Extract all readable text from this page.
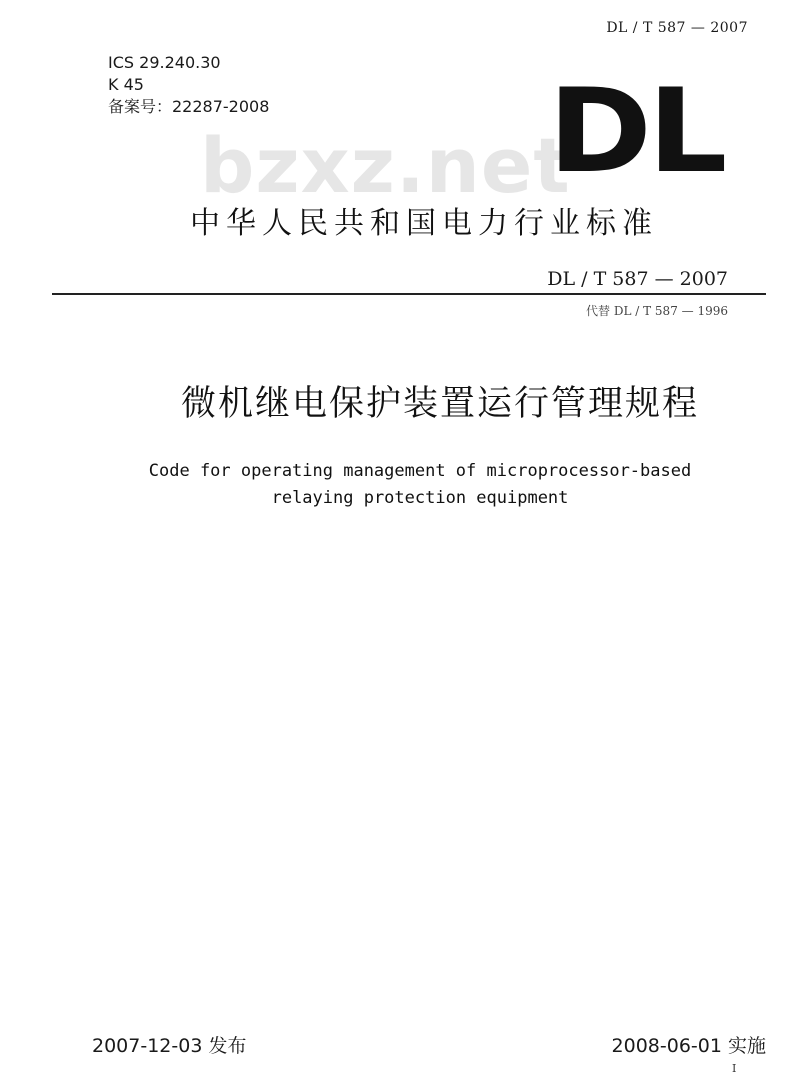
DL / T 587 — 2007
ICS 29.240.30
K 45
备案号：22287-2008
bzxz.net
DL
中华人民共和国电力行业标准
DL / T 587 — 2007
代替 DL / T 587 — 1996
微机继电保护装置运行管理规程
Code for operating management of microprocessor-based
relaying protection equipment
2007-12-03 发布	2008-06-01 实施
I
